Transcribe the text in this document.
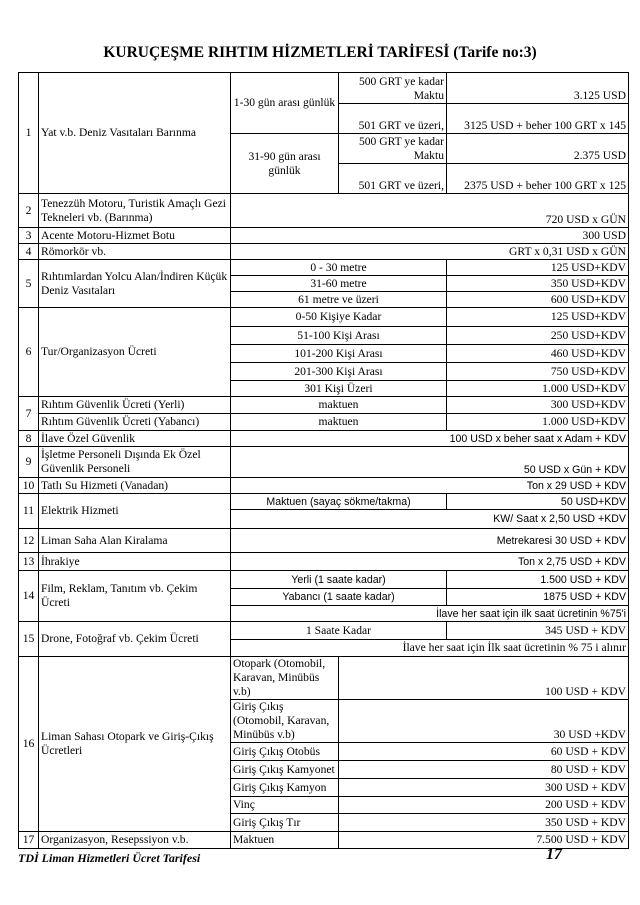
KURUÇEŞME RIHTIM HİZMETLERİ TARİFESİ (Tarife no:3)
1	Yat v.b. Deniz Vasıtaları Barınma	1-30 gün arası günlük	500 GRT ye kadar Maktu	3.125 USD
			501 GRT ve üzeri,	3125 USD + beher 100 GRT x 145
		31-90 gün arası günlük	500 GRT ye kadar Maktu	2.375 USD
			501 GRT ve üzeri,	2375 USD + beher 100 GRT x 125
2	Tenezzüh Motoru, Turistik Amaçlı Gezi Tekneleri vb. (Barınma)	720 USD x GÜN		
3	Acente Motoru-Hizmet Botu	300 USD		
4	Römorkör vb.	GRT x 0,31 USD x GÜN		
5	Rıhtımlardan Yolcu Alan/İndiren Küçük Deniz Vasıtaları	0 - 30 metre		125 USD+KDV
		31-60 metre		350 USD+KDV
		61 metre ve üzeri		600 USD+KDV
6	Tur/Organizasyon Ücreti	0-50 Kişiye Kadar		125 USD+KDV
		51-100 Kişi Arası		250 USD+KDV
		101-200 Kişi Arası		460 USD+KDV
		201-300 Kişi Arası		750 USD+KDV
		301 Kişi Üzeri		1.000 USD+KDV
7	Rıhtım Güvenlik Ücreti (Yerli)	maktuen		300 USD+KDV
	Rıhtım Güvenlik Ücreti (Yabancı)	maktuen		1.000 USD+KDV
8	İlave Özel Güvenlik	100 USD x beher saat x Adam + KDV		
9	İşletme Personeli Dışında Ek Özel Güvenlik Personeli	50 USD x Gün + KDV		
10	Tatlı Su Hizmeti (Vanadan)	Ton x 29 USD + KDV		
11	Elektrik Hizmeti	Maktuen (sayaç sökme/takma)		50 USD+KDV
		KW/ Saat x 2,50 USD +KDV		
12	Liman Saha Alan Kiralama	Metrekaresi 30 USD + KDV		
13	İhrakiye	Ton x 2,75 USD + KDV		
14	Film, Reklam, Tanıtım vb. Çekim Ücreti	Yerli (1 saate kadar)		1.500 USD + KDV
		Yabancı (1 saate kadar)		1875 USD + KDV
		İlave her saat için ilk saat ücretinin %75'i		
15	Drone, Fotoğraf vb. Çekim Ücreti	1 Saate Kadar		345 USD + KDV
		İlave her saat için İlk saat ücretinin % 75 i alınır		
16	Liman Sahası Otopark ve Giriş-Çıkış Ücretleri	Otopark (Otomobil, Karavan, Minübüs v.b)	100 USD + KDV	
		Giriş Çıkış (Otomobil, Karavan, Minübüs v.b)	30 USD +KDV	
		Giriş Çıkış Otobüs	60 USD + KDV	
		Giriş Çıkış Kamyonet	80 USD + KDV	
		Giriş Çıkış Kamyon	300 USD + KDV	
		Vinç	200 USD + KDV	
		Giriş Çıkış Tır	350 USD + KDV	
17	Organizasyon, Resepssiyon v.b.	Maktuen	7.500 USD + KDV	
TDİ Liman Hizmetleri Ücret Tarifesi	17
